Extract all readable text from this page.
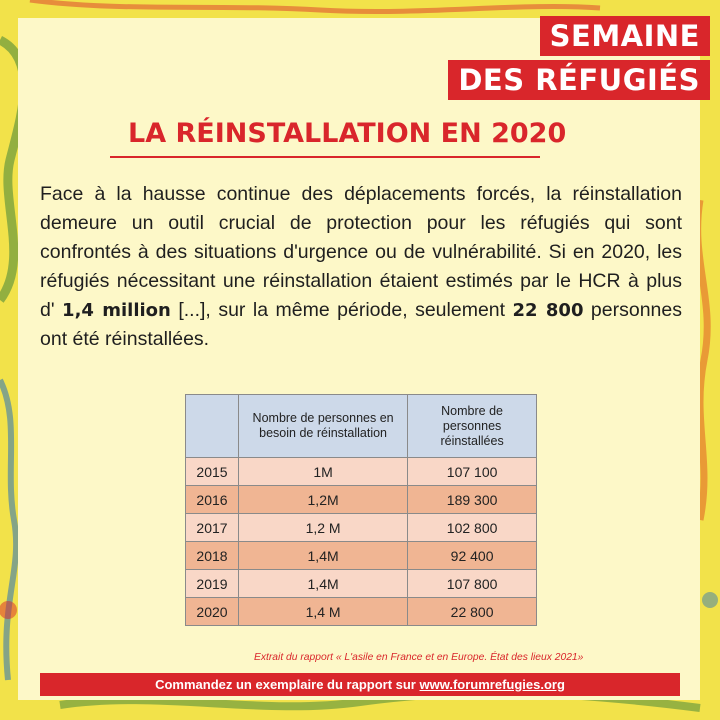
SEMAINE
DES RÉFUGIÉS
LA RÉINSTALLATION EN 2020

Face à la hausse continue des déplacements forcés, la réinstallation demeure un outil crucial de protection pour les réfugiés qui sont confrontés à des situations d'urgence ou de vulnérabilité. Si en 2020, les réfugiés nécessitant une réinstallation étaient estimés par le HCR à plus d' 1,4 million [...], sur la même période, seulement 22 800 personnes ont été réinstallées.

	Nombre de personnes en besoin de réinstallation	Nombre de personnes réinstallées
2015	1M	107 100
2016	1,2M	189 300
2017	1,2 M	102 800
2018	1,4M	92 400
2019	1,4M	107 800
2020	1,4 M	22 800

Extrait du rapport « L'asile en France et en Europe. État des lieux 2021»

Commandez un exemplaire du rapport sur www.forumrefugies.org
